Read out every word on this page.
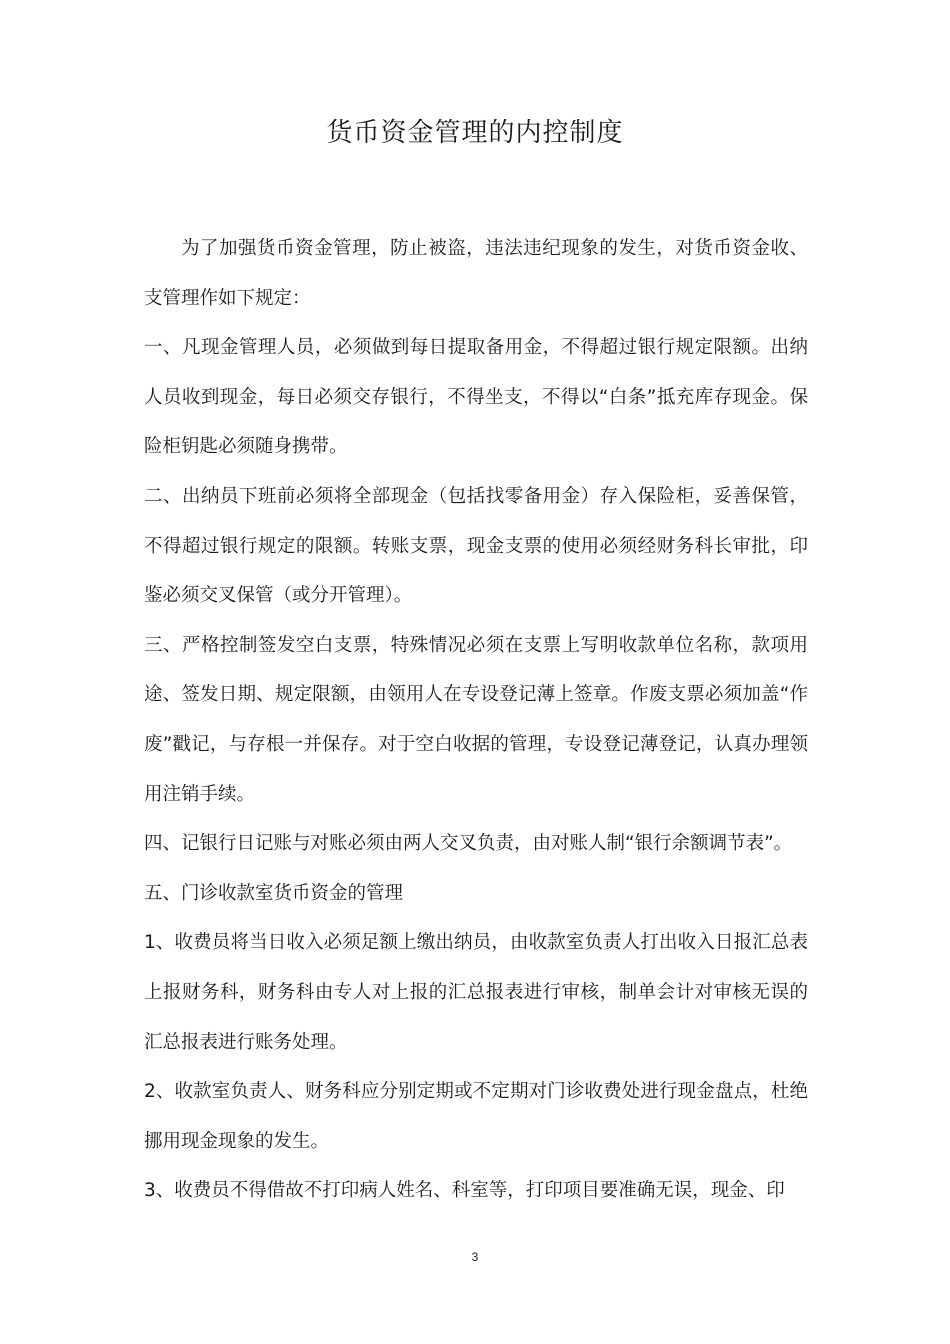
货币资金管理的内控制度

为了加强货币资金管理，防止被盗，违法违纪现象的发生，对货币资金收、支管理作如下规定：

一、凡现金管理人员，必须做到每日提取备用金，不得超过银行规定限额。出纳人员收到现金，每日必须交存银行，不得坐支，不得以“白条”抵充库存现金。保险柜钥匙必须随身携带。

二、出纳员下班前必须将全部现金（包括找零备用金）存入保险柜，妥善保管，不得超过银行规定的限额。转账支票，现金支票的使用必须经财务科长审批，印鉴必须交叉保管（或分开管理）。

三、严格控制签发空白支票，特殊情况必须在支票上写明收款单位名称，款项用途、签发日期、规定限额，由领用人在专设登记薄上签章。作废支票必须加盖“作废”戳记，与存根一并保存。对于空白收据的管理，专设登记薄登记，认真办理领用注销手续。

四、记银行日记账与对账必须由两人交叉负责，由对账人制“银行余额调节表”。

五、门诊收款室货币资金的管理

1、收费员将当日收入必须足额上缴出纳员，由收款室负责人打出收入日报汇总表上报财务科，财务科由专人对上报的汇总报表进行审核，制单会计对审核无误的汇总报表进行账务处理。

2、收款室负责人、财务科应分别定期或不定期对门诊收费处进行现金盘点，杜绝挪用现金现象的发生。

3、收费员不得借故不打印病人姓名、科室等，打印项目要准确无误，现金、印

3
